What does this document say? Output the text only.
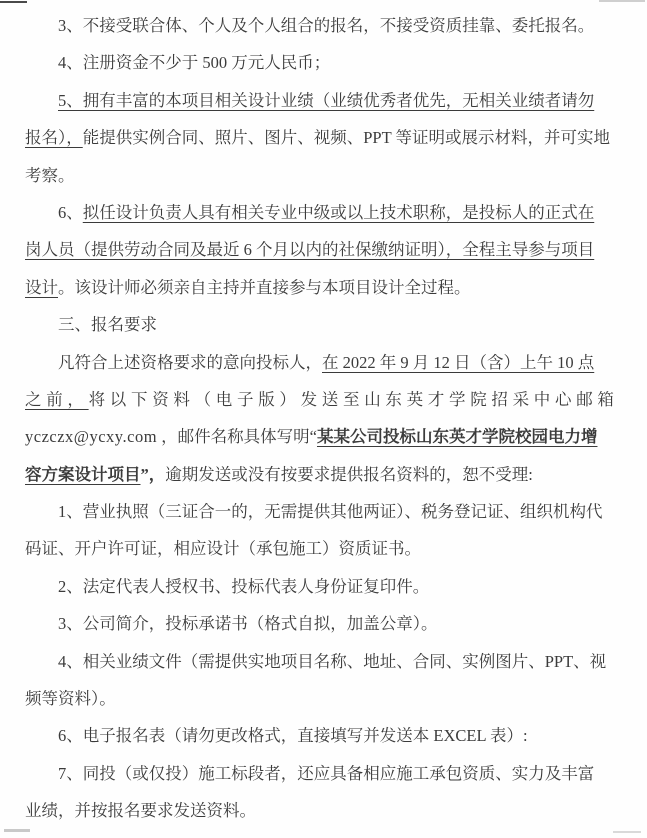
3、不接受联合体、个人及个人组合的报名，不接受资质挂靠、委托报名。
4、注册资金不少于 500 万元人民币；
5、拥有丰富的本项目相关设计业绩（业绩优秀者优先，无相关业绩者请勿
报名），能提供实例合同、照片、图片、视频、PPT 等证明或展示材料，并可实地
考察。
6、拟任设计负责人具有相关专业中级或以上技术职称，是投标人的正式在
岗人员（提供劳动合同及最近 6 个月以内的社保缴纳证明），全程主导参与项目
设计。该设计师必须亲自主持并直接参与本项目设计全过程。
三、报名要求
凡符合上述资格要求的意向投标人，在 2022 年 9 月 12 日（含）上午 10 点
之前，将以下资料（电子版）发送至山东英才学院招采中心邮箱
yczczx@ycxy.com ，邮件名称具体写明“某某公司投标山东英才学院校园电力增
容方案设计项目”，逾期发送或没有按要求提供报名资料的，恕不受理:
1、营业执照（三证合一的，无需提供其他两证）、税务登记证、组织机构代
码证、开户许可证，相应设计（承包施工）资质证书。
2、法定代表人授权书、投标代表人身份证复印件。
3、公司简介，投标承诺书（格式自拟，加盖公章）。
4、相关业绩文件（需提供实地项目名称、地址、合同、实例图片、PPT、视
频等资料）。
6、电子报名表（请勿更改格式，直接填写并发送本 EXCEL 表）:
7、同投（或仅投）施工标段者，还应具备相应施工承包资质、实力及丰富
业绩，并按报名要求发送资料。
